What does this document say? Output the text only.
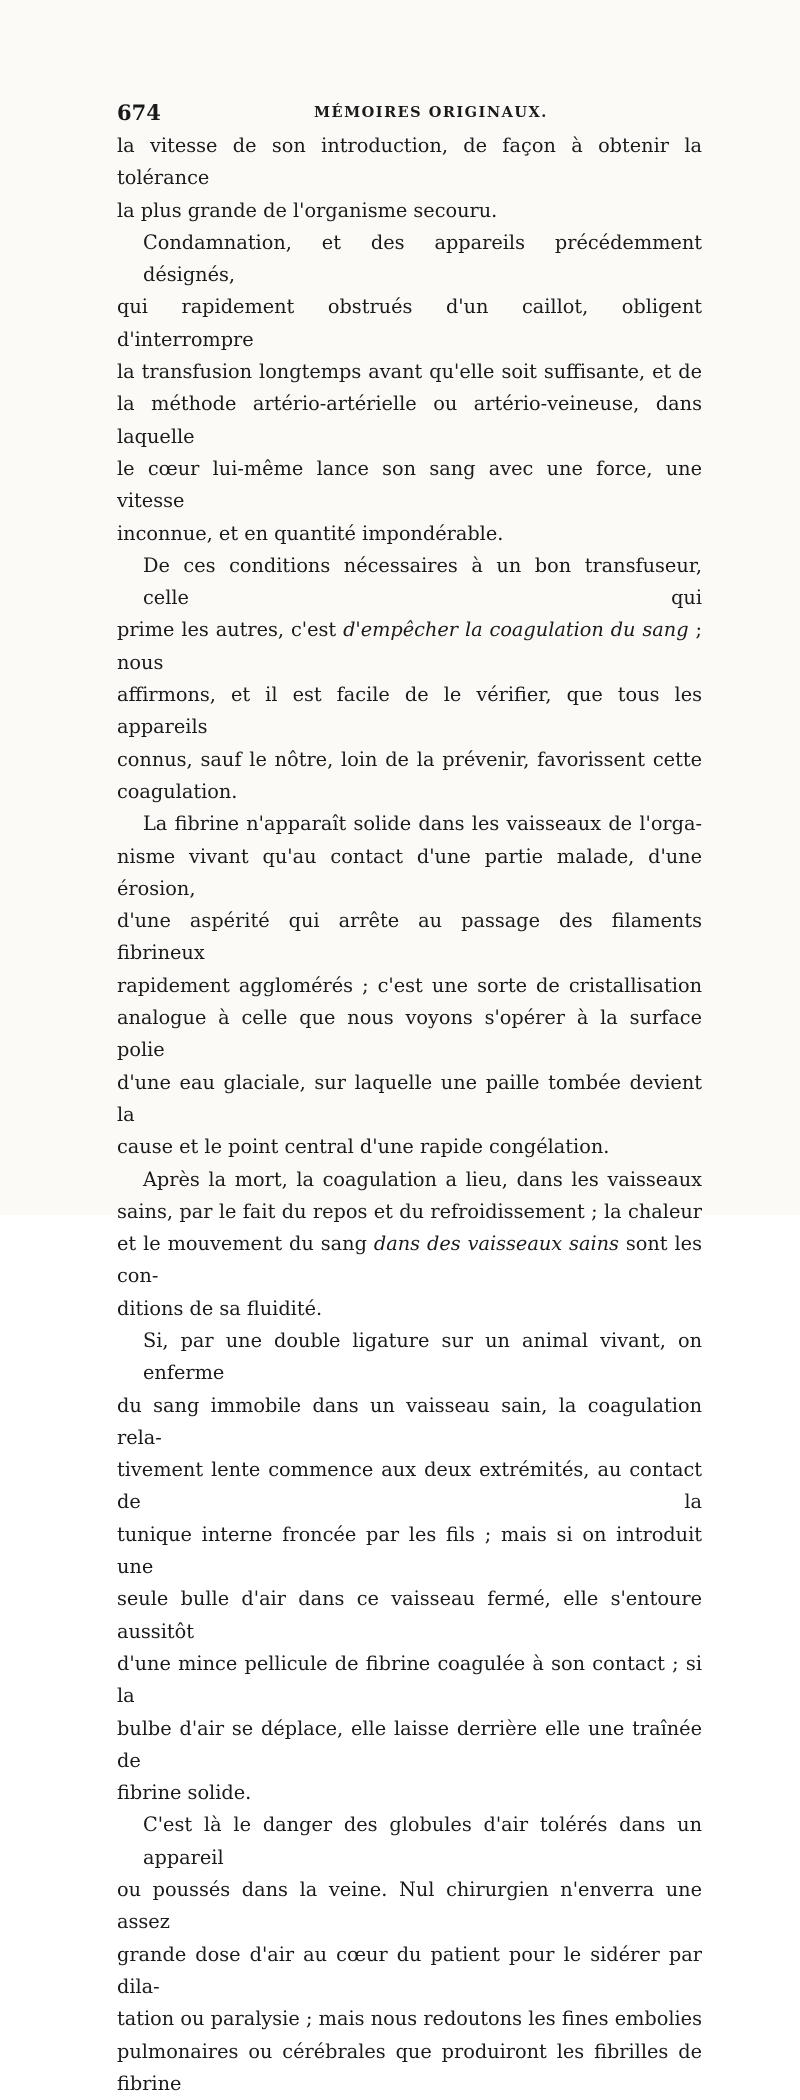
674	MÉMOIRES ORIGINAUX.
la vitesse de son introduction, de façon à obtenir la tolérance
la plus grande de l'organisme secouru.
Condamnation, et des appareils précédemment désignés,
qui rapidement obstrués d'un caillot, obligent d'interrompre
la transfusion longtemps avant qu'elle soit suffisante, et de
la méthode artério-artérielle ou artério-veineuse, dans laquelle
le cœur lui-même lance son sang avec une force, une vitesse
inconnue, et en quantité impondérable.
De ces conditions nécessaires à un bon transfuseur, celle qui
prime les autres, c'est d'empêcher la coagulation du sang ; nous
affirmons, et il est facile de le vérifier, que tous les appareils
connus, sauf le nôtre, loin de la prévenir, favorissent cette
coagulation.
La fibrine n'apparaît solide dans les vaisseaux de l'orga-
nisme vivant qu'au contact d'une partie malade, d'une érosion,
d'une aspérité qui arrête au passage des filaments fibrineux
rapidement agglomérés ; c'est une sorte de cristallisation
analogue à celle que nous voyons s'opérer à la surface polie
d'une eau glaciale, sur laquelle une paille tombée devient la
cause et le point central d'une rapide congélation.
Après la mort, la coagulation a lieu, dans les vaisseaux
sains, par le fait du repos et du refroidissement ; la chaleur
et le mouvement du sang dans des vaisseaux sains sont les con-
ditions de sa fluidité.
Si, par une double ligature sur un animal vivant, on enferme
du sang immobile dans un vaisseau sain, la coagulation rela-
tivement lente commence aux deux extrémités, au contact de la
tunique interne froncée par les fils ; mais si on introduit une
seule bulle d'air dans ce vaisseau fermé, elle s'entoure aussitôt
d'une mince pellicule de fibrine coagulée à son contact ; si la
bulbe d'air se déplace, elle laisse derrière elle une traînée de
fibrine solide.
C'est là le danger des globules d'air tolérés dans un appareil
ou poussés dans la veine. Nul chirurgien n'enverra une assez
grande dose d'air au cœur du patient pour le sidérer par dila-
tation ou paralysie ; mais nous redoutons les fines embolies
pulmonaires ou cérébrales que produiront les fibrilles de fibrine
